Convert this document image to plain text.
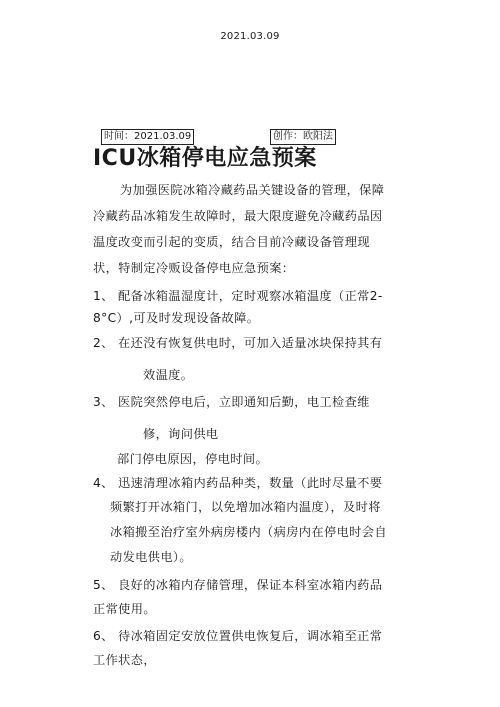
2021.03.09
时间：2021.03.09	创作：欧阳法
ICU冰箱停电应急预案
为加强医院冰箱冷藏药品关键设备的管理，保障
冷藏药品冰箱发生故障时，最大限度避免冷藏药品因
温度改变而引起的变质，结合目前冷藏设备管理现
状，特制定冷贩设备停电应急预案：
1、 配备冰箱温湿度计，定时观察冰箱温度（正常2-
8°C）,可及时发现设备故障。
2、 在还没有恢复供电时，可加入适量冰块保持其有
效温度。
3、 医院突然停电后，立即通知后勤，电工检查维
修，询问供电
部门停电原因，停电时间。
4、 迅速清理冰箱内药品种类，数量（此时尽量不要
频繁打开冰箱门，以免增加冰箱内温度），及时将
冰箱搬至治疗室外病房楼内（病房内在停电时会自
动发电供电）。
5、 良好的冰箱内存储管理，保证本科室冰箱内药品
正常使用。
6、 待冰箱固定安放位置供电恢复后，调冰箱至正常
工作状态，
